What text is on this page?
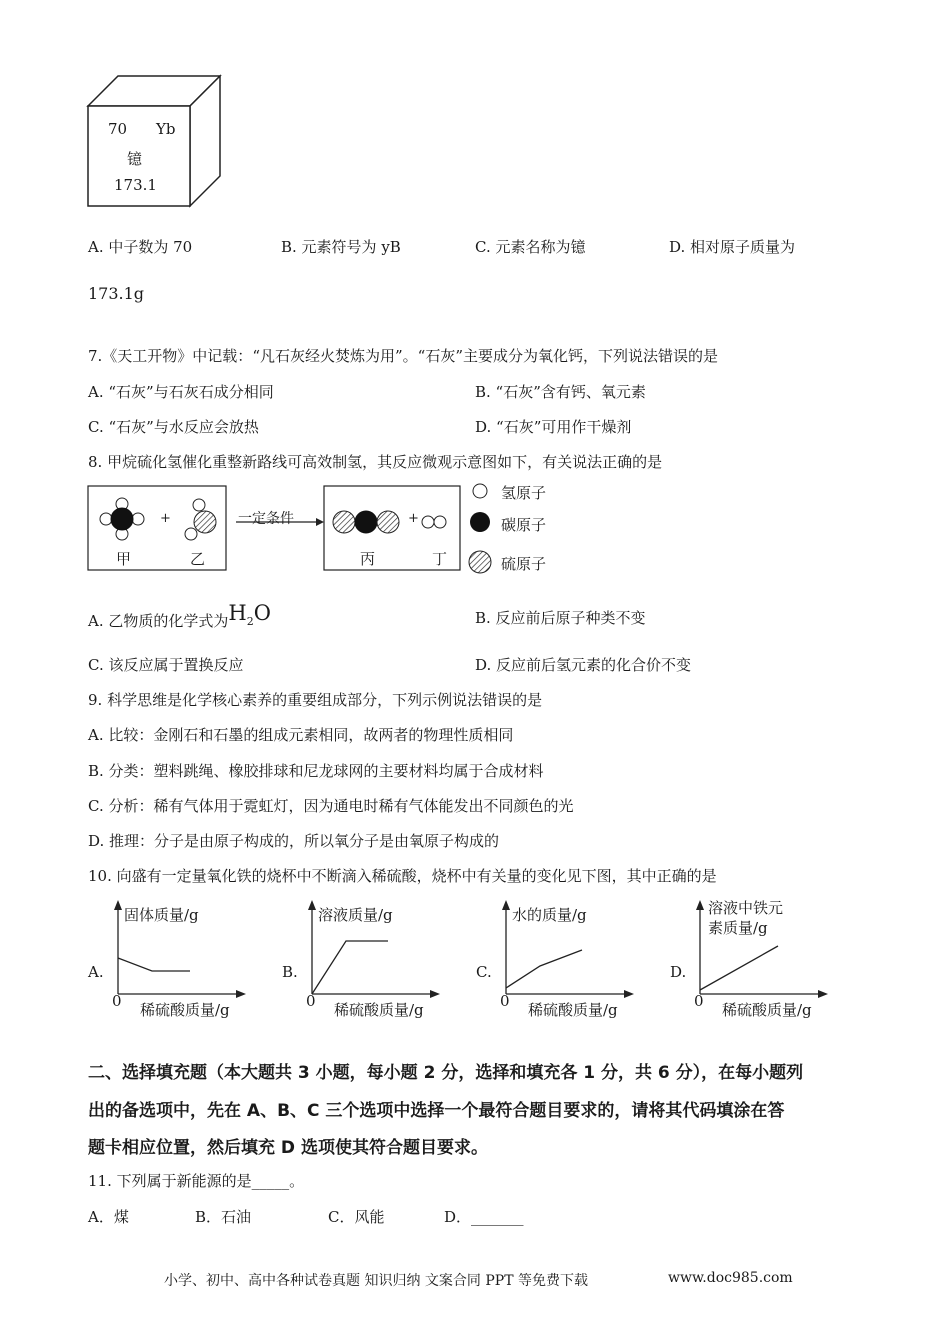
70 Yb
镱
173.1
A. 中子数为 70	B. 元素符号为 yB	C. 元素名称为镱	D. 相对原子质量为
173.1g
7.《天工开物》中记载：“凡石灰经火焚炼为用”。“石灰”主要成分为氧化钙，下列说法错误的是
A. “石灰”与石灰石成分相同	B. “石灰”含有钙、氧元素
C. “石灰”与水反应会放热	D. “石灰”可用作干燥剂
8. 甲烷硫化氢催化重整新路线可高效制氢，其反应微观示意图如下，有关说法正确的是
+	+
甲	乙
一定条件
丙	丁
氢原子
碳原子
硫原子
A. 乙物质的化学式为$H_2O$	B. 反应前后原子种类不变
C. 该反应属于置换反应	D. 反应前后氢元素的化合价不变
9. 科学思维是化学核心素养的重要组成部分，下列示例说法错误的是
A. 比较：金刚石和石墨的组成元素相同，故两者的物理性质相同
B. 分类：塑料跳绳、橡胶排球和尼龙球网的主要材料均属于合成材料
C. 分析：稀有气体用于霓虹灯，因为通电时稀有气体能发出不同颜色的光
D. 推理：分子是由原子构成的，所以氧分子是由氧原子构成的
10. 向盛有一定量氧化铁的烧杯中不断滴入稀硫酸，烧杯中有关量的变化见下图，其中正确的是
A.
固体质量/g
0 稀硫酸质量/g
B.
溶液质量/g
0 稀硫酸质量/g
C.
水的质量/g
0 稀硫酸质量/g
D.
溶液中铁元
素质量/g
0 稀硫酸质量/g
二、选择填充题（本大题共 3 小题，每小题 2 分，选择和填充各 1 分，共 6 分），在每小题列
出的备选项中，先在 A、B、C 三个选项中选择一个最符合题目要求的，请将其代码填涂在答
题卡相应位置，然后填充 D 选项使其符合题目要求。
11. 下列属于新能源的是_____。
A．煤	B．石油	C．风能	D．_______
小学、初中、高中各种试卷真题 知识归纳 文案合同 PPT 等免费下载	www.doc985.com
